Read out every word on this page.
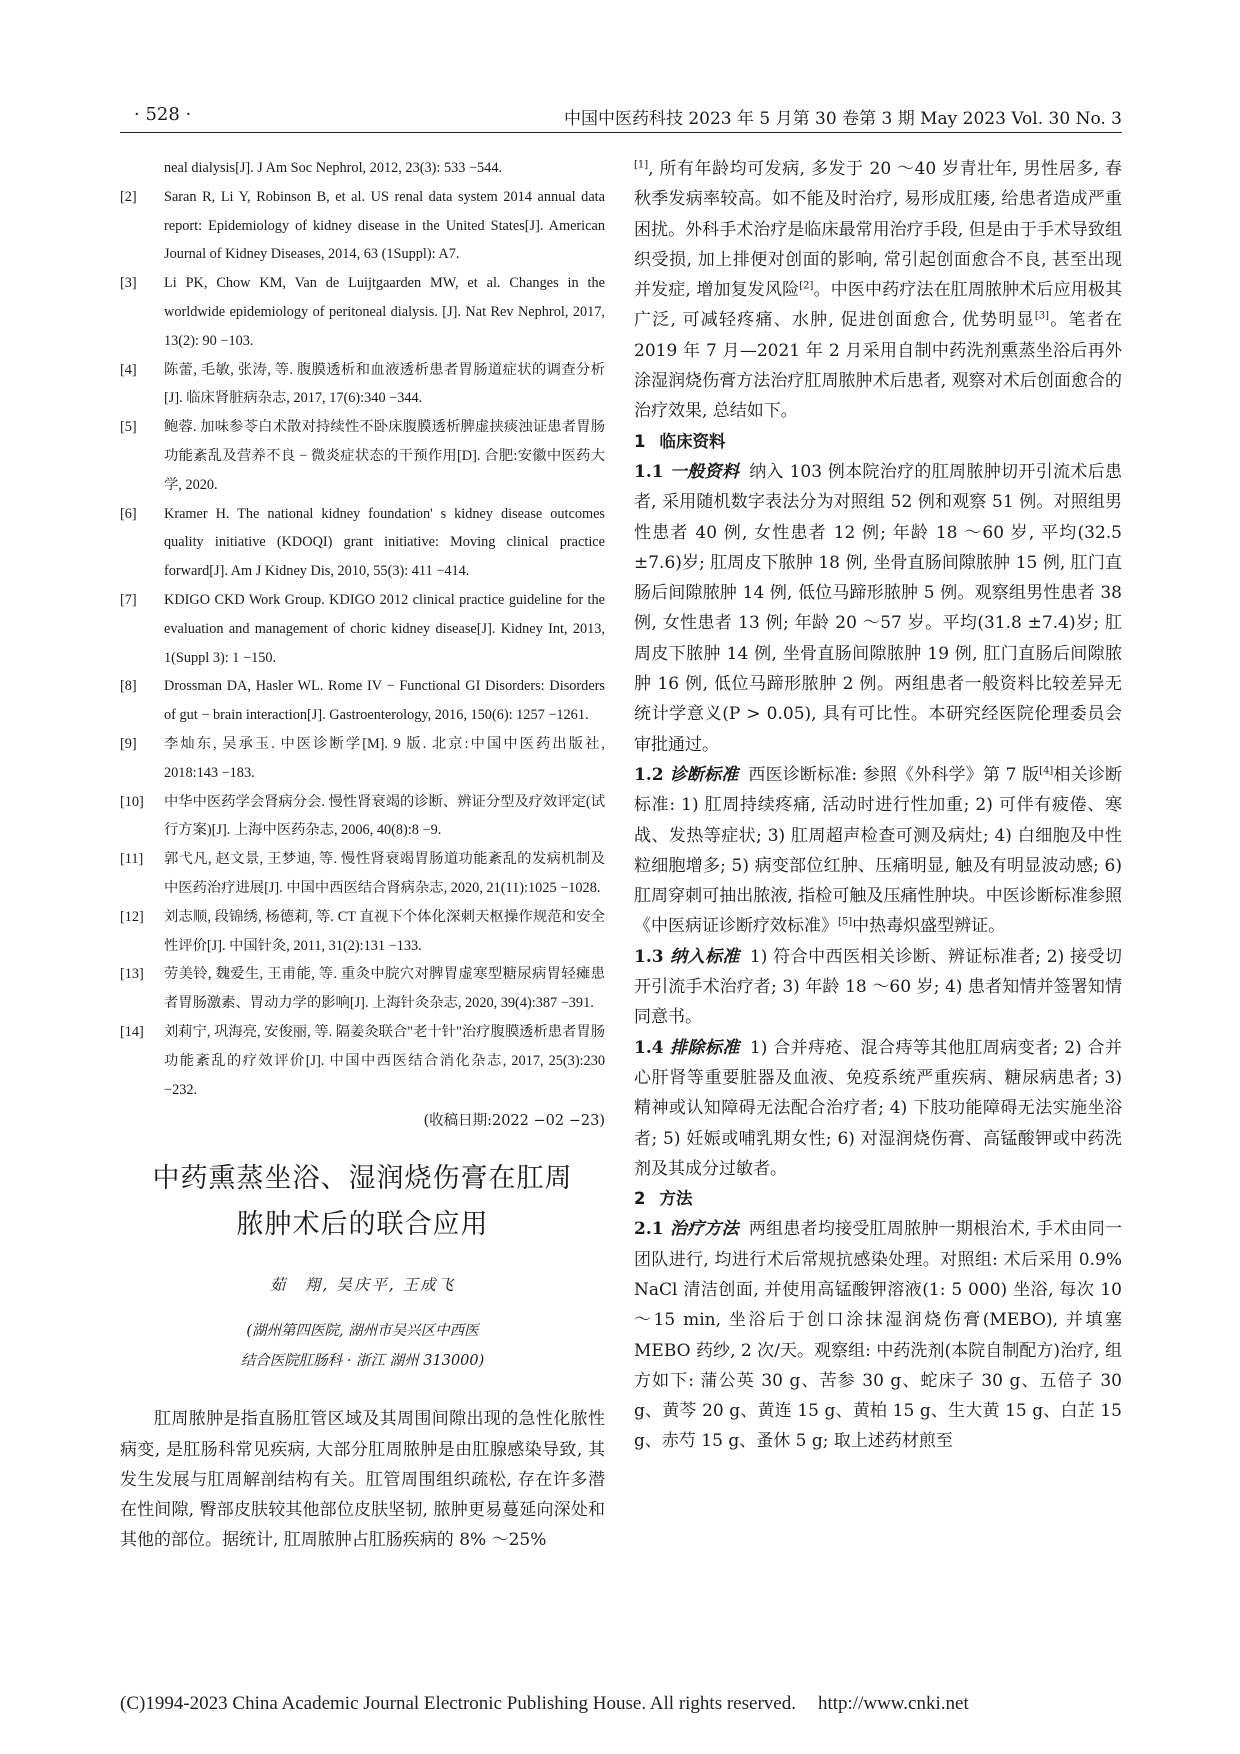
· 528 ·	中国中医药科技 2023 年 5 月第 30 卷第 3 期 May 2023 Vol. 30 No. 3

neal dialysis[J]. J Am Soc Nephrol, 2012, 23(3): 533 −544.

[2] Saran R, Li Y, Robinson B, et al. US renal data system 2014 annual data report: Epidemiology of kidney disease in the United States[J]. American Journal of Kidney Diseases, 2014, 63 (1Suppl): A7.

[3] Li PK, Chow KM, Van de Luijtgaarden MW, et al. Changes in the worldwide epidemiology of peritoneal dialysis. [J]. Nat Rev Nephrol, 2017, 13(2): 90 −103.

[4] 陈蕾, 毛敏, 张涛, 等. 腹膜透析和血液透析患者胃肠道症状的调查分析[J]. 临床肾脏病杂志, 2017, 17(6):340 −344.

[5] 鲍蓉. 加味参苓白术散对持续性不卧床腹膜透析脾虚挟痰浊证患者胃肠功能紊乱及营养不良 − 微炎症状态的干预作用[D]. 合肥:安徽中医药大学, 2020.

[6] Kramer H. The national kidney foundation' s kidney disease outcomes quality initiative (KDOQI) grant initiative: Moving clinical practice forward[J]. Am J Kidney Dis, 2010, 55(3): 411 −414.

[7] KDIGO CKD Work Group. KDIGO 2012 clinical practice guideline for the evaluation and management of choric kidney disease[J]. Kidney Int, 2013, 1(Suppl 3): 1 −150.

[8] Drossman DA, Hasler WL. Rome IV − Functional GI Disorders: Disorders of gut − brain interaction[J]. Gastroenterology, 2016, 150(6): 1257 −1261.

[9] 李灿东, 吴承玉. 中医诊断学[M]. 9 版. 北京:中国中医药出版社, 2018:143 −183.

[10] 中华中医药学会肾病分会. 慢性肾衰竭的诊断、辨证分型及疗效评定(试行方案)[J]. 上海中医药杂志, 2006, 40(8):8 −9.

[11] 郭弋凡, 赵文景, 王梦迪, 等. 慢性肾衰竭胃肠道功能紊乱的发病机制及中医药治疗进展[J]. 中国中西医结合肾病杂志, 2020, 21(11):1025 −1028.

[12] 刘志顺, 段锦绣, 杨德莉, 等. CT 直视下个体化深刺天枢操作规范和安全性评价[J]. 中国针灸, 2011, 31(2):131 −133.

[13] 劳美铃, 魏爱生, 王甫能, 等. 重灸中脘穴对脾胃虚寒型糖尿病胃轻瘫患者胃肠激素、胃动力学的影响[J]. 上海针灸杂志, 2020, 39(4):387 −391.

[14] 刘莉宁, 巩海亮, 安俊丽, 等. 隔姜灸联合"老十针"治疗腹膜透析患者胃肠功能紊乱的疗效评价[J]. 中国中西医结合消化杂志, 2017, 25(3):230 −232.

(收稿日期:2022 −02 −23)
中药熏蒸坐浴、湿润烧伤膏在肛周
脓肿术后的联合应用
茹　翔, 吴庆平, 王成飞
(湖州第四医院, 湖州市吴兴区中西医
结合医院肛肠科 · 浙江 湖州 313000)

肛周脓肿是指直肠肛管区域及其周围间隙出现的急性化脓性病变, 是肛肠科常见疾病, 大部分肛周脓肿是由肛腺感染导致, 其发生发展与肛周解剖结构有关。肛管周围组织疏松, 存在许多潜在性间隙, 臀部皮肤较其他部位皮肤坚韧, 脓肿更易蔓延向深处和其他的部位。据统计, 肛周脓肿占肛肠疾病的 8% ～25%

[1], 所有年龄均可发病, 多发于 20 ～40 岁青壮年, 男性居多, 春秋季发病率较高。如不能及时治疗, 易形成肛瘘, 给患者造成严重困扰。外科手术治疗是临床最常用治疗手段, 但是由于手术导致组织受损, 加上排便对创面的影响, 常引起创面愈合不良, 甚至出现并发症, 增加复发风险[2]。中医中药疗法在肛周脓肿术后应用极其广泛, 可减轻疼痛、水肿, 促进创面愈合, 优势明显[3]。笔者在 2019 年 7 月—2021 年 2 月采用自制中药洗剂熏蒸坐浴后再外涂湿润烧伤膏方法治疗肛周脓肿术后患者, 观察对术后创面愈合的治疗效果, 总结如下。

1 临床资料

1.1 一般资料 纳入 103 例本院治疗的肛周脓肿切开引流术后患者, 采用随机数字表法分为对照组 52 例和观察 51 例。对照组男性患者 40 例, 女性患者 12 例; 年龄 18 ～60 岁, 平均(32.5 ±7.6)岁; 肛周皮下脓肿 18 例, 坐骨直肠间隙脓肿 15 例, 肛门直肠后间隙脓肿 14 例, 低位马蹄形脓肿 5 例。观察组男性患者 38 例, 女性患者 13 例; 年龄 20 ～57 岁。平均(31.8 ±7.4)岁; 肛周皮下脓肿 14 例, 坐骨直肠间隙脓肿 19 例, 肛门直肠后间隙脓肿 16 例, 低位马蹄形脓肿 2 例。两组患者一般资料比较差异无统计学意义(P > 0.05), 具有可比性。本研究经医院伦理委员会审批通过。

1.2 诊断标准 西医诊断标准: 参照《外科学》第 7 版[4]相关诊断标准: 1) 肛周持续疼痛, 活动时进行性加重; 2) 可伴有疲倦、寒战、发热等症状; 3) 肛周超声检查可测及病灶; 4) 白细胞及中性粒细胞增多; 5) 病变部位红肿、压痛明显, 触及有明显波动感; 6) 肛周穿刺可抽出脓液, 指检可触及压痛性肿块。中医诊断标准参照《中医病证诊断疗效标准》[5]中热毒炽盛型辨证。

1.3 纳入标准 1) 符合中西医相关诊断、辨证标准者; 2) 接受切开引流手术治疗者; 3) 年龄 18 ～60 岁; 4) 患者知情并签署知情同意书。

1.4 排除标准 1) 合并痔疮、混合痔等其他肛周病变者; 2) 合并心肝肾等重要脏器及血液、免疫系统严重疾病、糖尿病患者; 3) 精神或认知障碍无法配合治疗者; 4) 下肢功能障碍无法实施坐浴者; 5) 妊娠或哺乳期女性; 6) 对湿润烧伤膏、高锰酸钾或中药洗剂及其成分过敏者。

2 方法

2.1 治疗方法 两组患者均接受肛周脓肿一期根治术, 手术由同一团队进行, 均进行术后常规抗感染处理。对照组: 术后采用 0.9% NaCl 清洁创面, 并使用高锰酸钾溶液(1: 5 000) 坐浴, 每次 10 ～15 min, 坐浴后于创口涂抹湿润烧伤膏(MEBO), 并填塞 MEBO 药纱, 2 次/天。观察组: 中药洗剂(本院自制配方)治疗, 组方如下: 蒲公英 30 g、苦参 30 g、蛇床子 30 g、五倍子 30 g、黄芩 20 g、黄连 15 g、黄柏 15 g、生大黄 15 g、白芷 15 g、赤芍 15 g、蚤休 5 g; 取上述药材煎至

(C)1994-2023 China Academic Journal Electronic Publishing House. All rights reserved. http://www.cnki.net
